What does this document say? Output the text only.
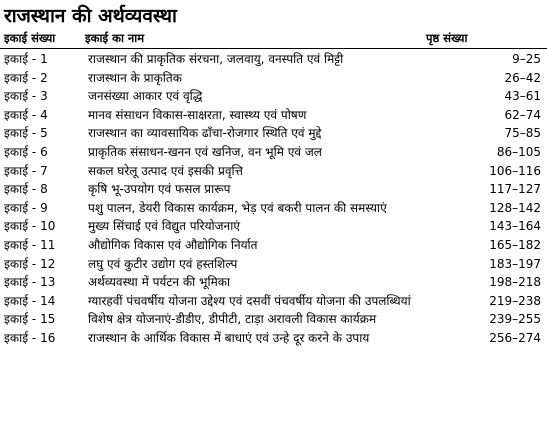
राजस्थान की अर्थव्यवस्था
इकाई संख्या	इकाई का नाम	पृष्ठ संख्या
इकाई - 1	राजस्थान की प्राकृतिक संरचना, जलवायु, वनस्पति एवं मिट्टी	9–25
इकाई - 2	राजस्थान के प्राकृतिक	26–42
इकाई - 3	जनसंख्या आकार एवं वृद्धि	43–61
इकाई - 4	मानव संसाधन विकास-साक्षरता, स्वास्थ्य एवं पोषण	62–74
इकाई - 5	राजस्थान का व्यावसायिक ढाँचा-रोजगार स्थिति एवं मुद्दे	75–85
इकाई - 6	प्राकृतिक संसाधन-खनन एवं खनिज, वन भूमि एवं जल	86–105
इकाई - 7	सकल घरेलू उत्पाद एवं इसकी प्रवृत्ति	106–116
इकाई - 8	कृषि भू-उपयोग एवं फसल प्रारूप	117–127
इकाई - 9	पशु पालन, डेयरी विकास कार्यक्रम, भेड़ एवं बकरी पालन की समस्याएं	128–142
इकाई - 10	मुख्य सिंचाई एवं विद्युत परियोजनाएं	143–164
इकाई - 11	औद्योगिक विकास एवं औद्योगिक निर्यात	165–182
इकाई - 12	लघु एवं कुटीर उद्योग एवं हस्तशिल्प	183–197
इकाई - 13	अर्थव्यवस्था में पर्यटन की भूमिका	198–218
इकाई - 14	ग्यारहवीं पंचवर्षीय योजना उद्देश्य एवं दसवीं पंचवर्षीय योजना की उपलब्धियां	219–238
इकाई - 15	विशेष क्षेत्र योजनाएं-डीडीए, डीपीटी, टाड़ा अरावली विकास कार्यक्रम	239–255
इकाई - 16	राजस्थान के आर्थिक विकास में बाधाएं एवं उन्हे दूर करने के उपाय	256–274
